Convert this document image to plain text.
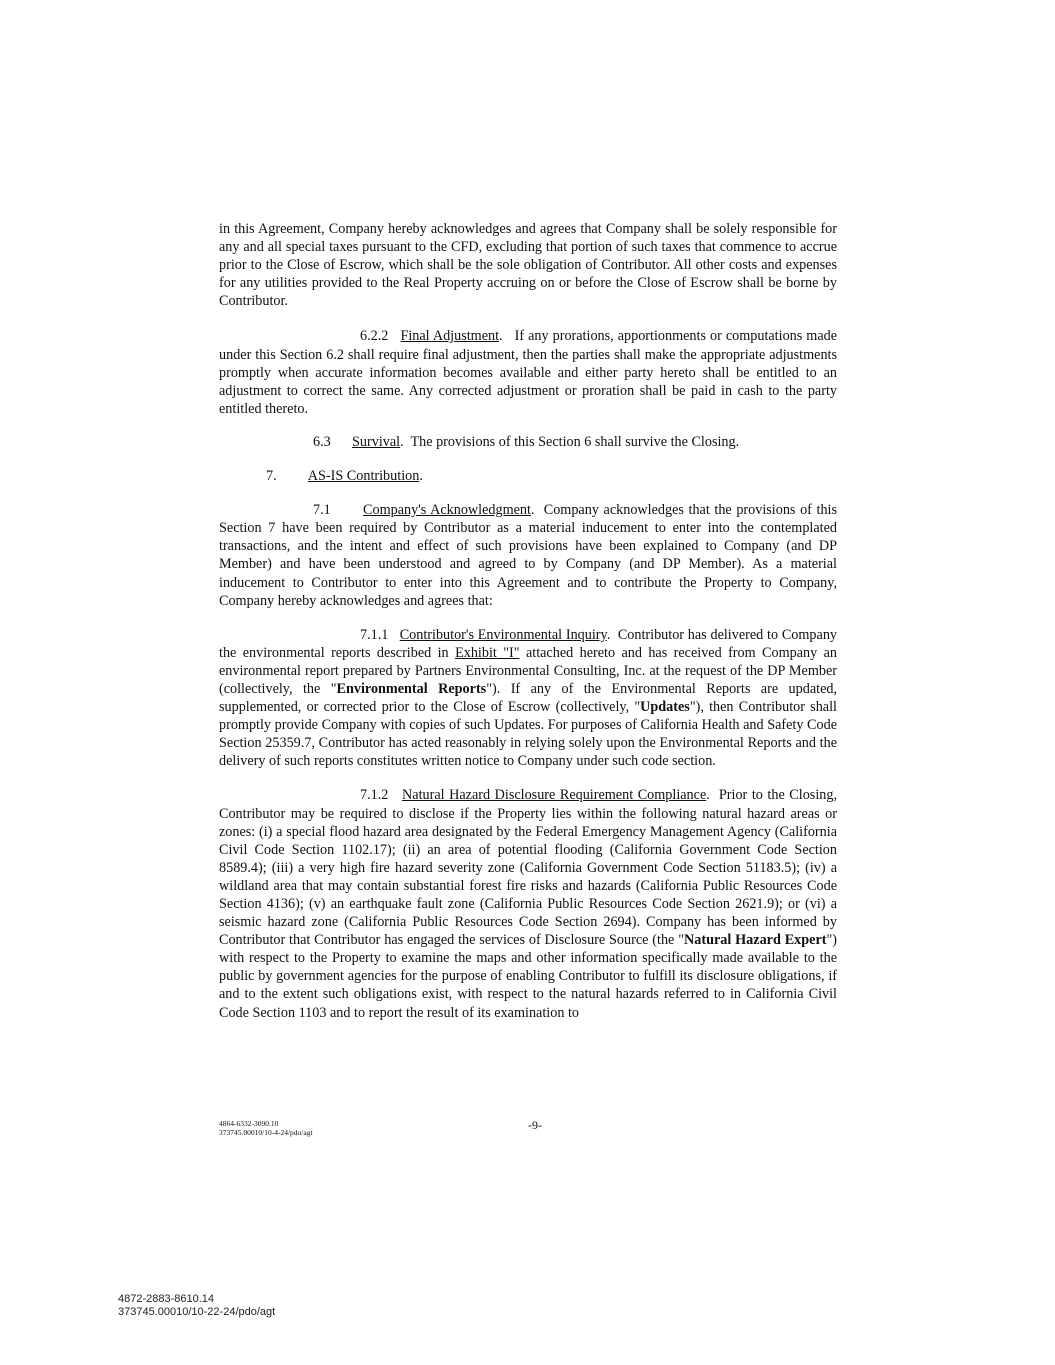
in this Agreement, Company hereby acknowledges and agrees that Company shall be solely responsible for any and all special taxes pursuant to the CFD, excluding that portion of such taxes that commence to accrue prior to the Close of Escrow, which shall be the sole obligation of Contributor. All other costs and expenses for any utilities provided to the Real Property accruing on or before the Close of Escrow shall be borne by Contributor.

6.2.2 Final Adjustment.   If any prorations, apportionments or computations made under this Section 6.2 shall require final adjustment, then the parties shall make the appropriate adjustments promptly when accurate information becomes available and either party hereto shall be entitled to an adjustment to correct the same. Any corrected adjustment or proration shall be paid in cash to the party entitled thereto.

6.3 Survival.  The provisions of this Section 6 shall survive the Closing.

7. AS-IS Contribution.

7.1 Company's Acknowledgment.  Company acknowledges that the provisions of this Section 7 have been required by Contributor as a material inducement to enter into the contemplated transactions, and the intent and effect of such provisions have been explained to Company (and DP Member) and have been understood and agreed to by Company (and DP Member). As a material inducement to Contributor to enter into this Agreement and to contribute the Property to Company, Company hereby acknowledges and agrees that:

7.1.1 Contributor's Environmental Inquiry.  Contributor has delivered to Company the environmental reports described in Exhibit "I" attached hereto and has received from Company an environmental report prepared by Partners Environmental Consulting, Inc. at the request of the DP Member (collectively, the "Environmental Reports"). If any of the Environmental Reports are updated, supplemented, or corrected prior to the Close of Escrow (collectively, "Updates"), then Contributor shall promptly provide Company with copies of such Updates. For purposes of California Health and Safety Code Section 25359.7, Contributor has acted reasonably in relying solely upon the Environmental Reports and the delivery of such reports constitutes written notice to Company under such code section.

7.1.2 Natural Hazard Disclosure Requirement Compliance.  Prior to the Closing, Contributor may be required to disclose if the Property lies within the following natural hazard areas or zones: (i) a special flood hazard area designated by the Federal Emergency Management Agency (California Civil Code Section 1102.17); (ii) an area of potential flooding (California Government Code Section 8589.4); (iii) a very high fire hazard severity zone (California Government Code Section 51183.5); (iv) a wildland area that may contain substantial forest fire risks and hazards (California Public Resources Code Section 4136); (v) an earthquake fault zone (California Public Resources Code Section 2621.9); or (vi) a seismic hazard zone (California Public Resources Code Section 2694). Company has been informed by Contributor that Contributor has engaged the services of Disclosure Source (the "Natural Hazard Expert") with respect to the Property to examine the maps and other information specifically made available to the public by government agencies for the purpose of enabling Contributor to fulfill its disclosure obligations, if and to the extent such obligations exist, with respect to the natural hazards referred to in California Civil Code Section 1103 and to report the result of its examination to

4864-6332-3090.10
373745.00010/10-4-24/pdo/agt
-9-
4872-2883-8610.14
373745.00010/10-22-24/pdo/agt
